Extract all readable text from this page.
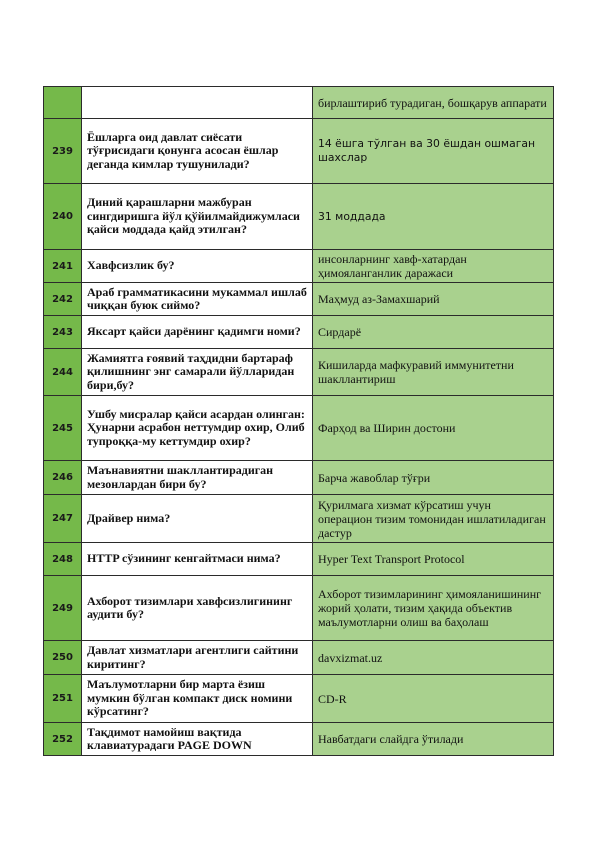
		бирлаштириб турадиган, бошқарув аппарати
239	Ёшларга оид давлат сиёсати тўғрисидаги қонунга асосан ёшлар деганда кимлар тушунилади?	14 ёшга тўлган ва 30 ёшдан ошмаган шахслар
240	Диний қарашларни мажбуран сингдиришга йўл қўйилмайдижумласи қайси моддада қайд этилган?	31 моддада
241	Хавфсизлик бу?	инсонларнинг хавф-хатардан ҳимояланганлик даражаси
242	Араб грамматикасини мукаммал ишлаб чиққан буюк сиймо?	Маҳмуд аз-Замахшарий
243	Яксарт қайси дарёнинг қадимги номи?	Сирдарё
244	Жамиятга ғоявий таҳдидни бартараф қилишнинг энг самарали йўлларидан бири,бу?	Кишиларда мафкуравий иммунитетни шакллантириш
245	Ушбу мисралар қайси асардан олинган: Ҳунарни асрабон неттумдир охир, Олиб тупроққа-му кеттумдир охир?	Фарҳод ва Ширин достони
246	Маънавиятни шакллантирадиган мезонлардан бири бу?	Барча жавоблар тўғри
247	Драйвер нима?	Қурилмага хизмат кўрсатиш учун операцион тизим томонидан ишлатиладиган дастур
248	HTTP сўзининг кенгайтмаси нима?	Hyper Text Transport Protocol
249	Ахборот тизимлари хавфсизлигининг аудити бу?	Ахборот тизимларининг ҳимояланишининг жорий ҳолати, тизим ҳақида объектив маълумотларни олиш ва баҳолаш
250	Давлат хизматлари агентлиги сайтини киритинг?	davxizmat.uz
251	Маълумотларни бир марта ёзиш мумкин бўлган компакт диск номини кўрсатинг?	CD-R
252	Тақдимот намойиш вақтида клавиатурадаги PAGE DOWN	Навбатдаги слайдга ўтилади
